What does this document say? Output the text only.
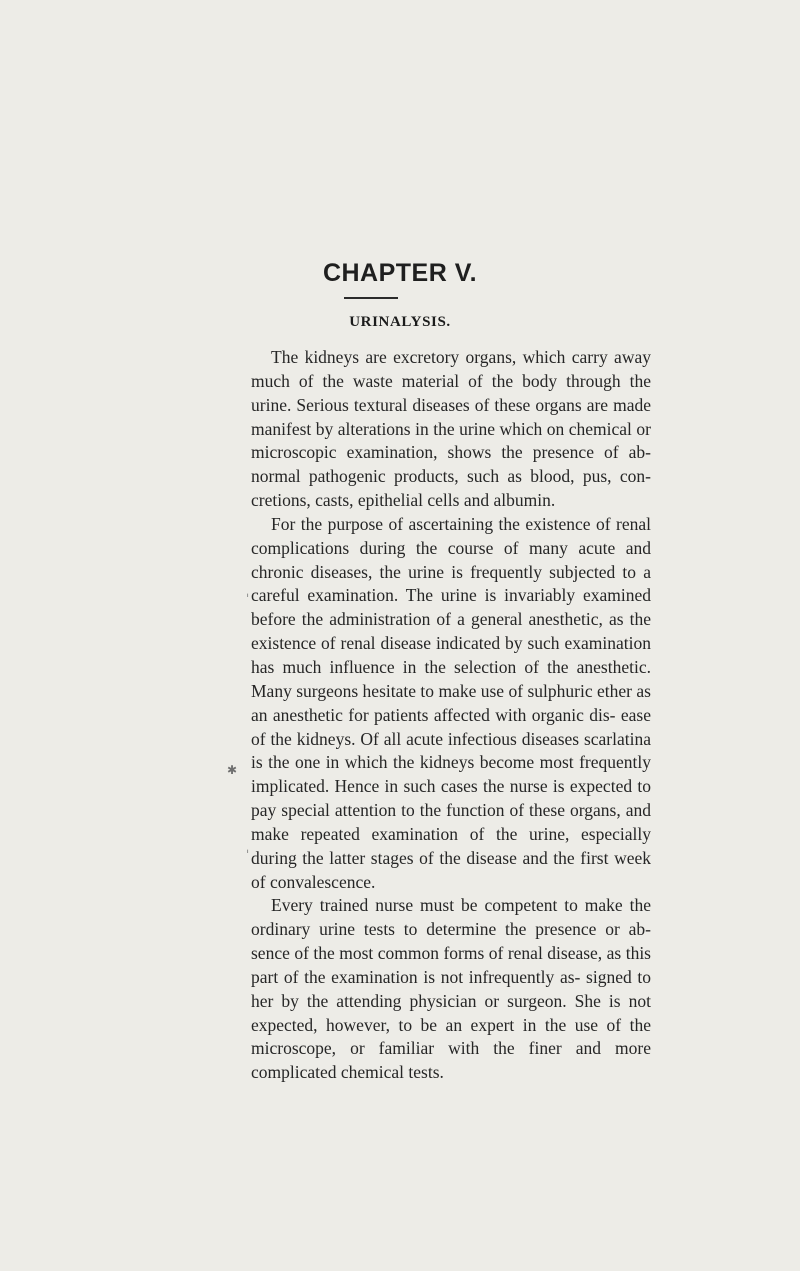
CHAPTER V.
URINALYSIS.

The kidneys are excretory organs, which carry away much of the waste material of the body through the urine. Serious textural diseases of these organs are made manifest by alterations in the urine which on chemical or microscopic examination, shows the presence of ab- normal pathogenic products, such as blood, pus, con- cretions, casts, epithelial cells and albumin.

For the purpose of ascertaining the existence of renal complications during the course of many acute and chronic diseases, the urine is frequently subjected to a careful examination. The urine is invariably examined before the administration of a general anesthetic, as the existence of renal disease indicated by such examination has much influence in the selection of the anesthetic. Many surgeons hesitate to make use of sulphuric ether as an anesthetic for patients affected with organic dis- ease of the kidneys. Of all acute infectious diseases scarlatina is the one in which the kidneys become most frequently implicated. Hence in such cases the nurse is expected to pay special attention to the function of these organs, and make repeated examination of the urine, especially during the latter stages of the disease and the first week of convalescence.

Every trained nurse must be competent to make the ordinary urine tests to determine the presence or ab- sence of the most common forms of renal disease, as this part of the examination is not infrequently as- signed to her by the attending physician or surgeon. She is not expected, however, to be an expert in the use of the microscope, or familiar with the finer and more complicated chemical tests.

✱
ˌ
ˈ
